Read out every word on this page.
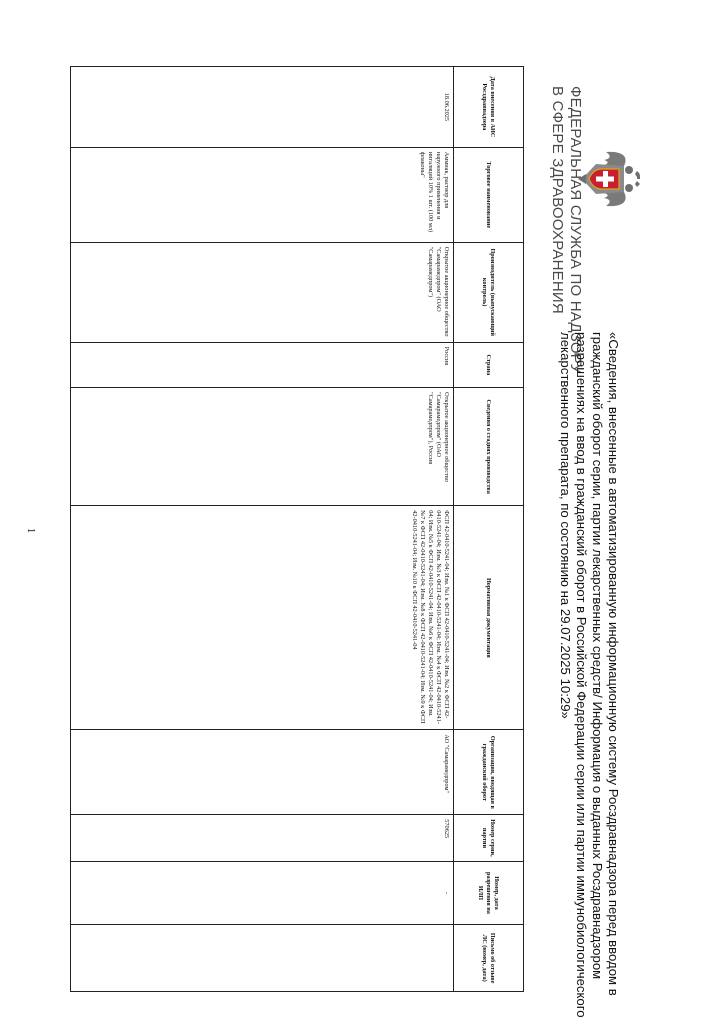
ФЕДЕРАЛЬНАЯ СЛУЖБА ПО НАДЗОРУ
В СФЕРЕ ЗДРАВООХРАНЕНИЯ
«Сведения, внесенные в автоматизированную информационную систему Росздравнадзора перед вводом в гражданский оборот серии, партии лекарственных средств/ Информация о выданных Росздравнадзором разрешениях на ввод в гражданский оборот в Российской Федерации серии или партии иммунобиологического лекарственного препарата, по состоянию на 29.07.2025 10:29»
Дата внесения в АИС Росздравнадзора	Торговое наименование	Производитель (выпускающий контроль)	Страна	Сведения о стадиях производства	Нормативная документация	Организация, вводящая в гражданский оборот	Номер серии, партии	Номер, дата разрешения на ИЛП	Письмо об отзыве ЛС (номер, дата)
18.06.2025	Аммиак, раствор для наружного применения и ингаляций 10% 1 шт. (100 мл) флаконы"	Открытое акционерное общество "Самарамедпром" (ОАО "Самарамедпром")	Россия	Открытое акционерное общество "Самарамедпром" (ОАО "Самарамедпром"), Россия	ФСП 42-0410-5241-04; Изм. №1 к ФСП 42-0410-5241-04; Изм. №2 к ФСП 42-0410-5241-04; Изм. №3 к ФСП 42-0410-5241-04; Изм. №4 к ФСП 42-0410-5241-04; Изм. №5 к ФСП 42-0410-5241-04; Изм. №6 к ФСП 42-0410-5241-04; Изм. №7 к ФСП 42-0410-5241-04; Изм. №8 к ФСП 42-0410-5241-04; Изм. №9 к ФСП 42-0410-5241-04; Изм. №10 к ФСП 42-0410-5241-04	АО "Самарамедпром"	570625	-	
1
